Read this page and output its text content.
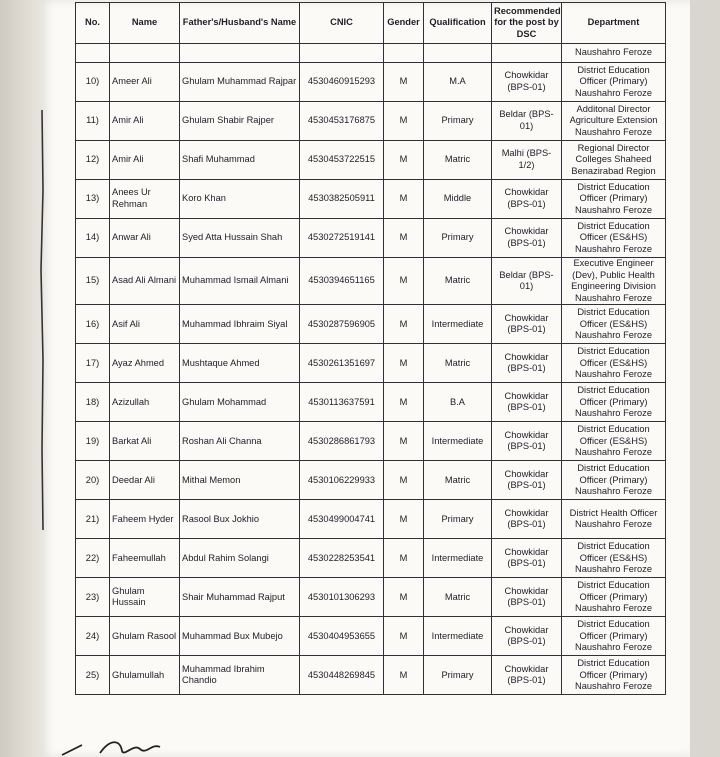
No.	Name	Father's/Husband's Name	CNIC	Gender	Qualification	Recommended for the post by DSC	Department
							Naushahro Feroze
10)	Ameer Ali	Ghulam Muhammad Rajpar	4530460915293	M	M.A	Chowkidar (BPS-01)	District Education Officer (Primary) Naushahro Feroze
11)	Amir Ali	Ghulam Shabir Rajper	4530453176875	M	Primary	Beldar (BPS-01)	Additonal Director Agriculture Extension Naushahro Feroze
12)	Amir Ali	Shafi Muhammad	4530453722515	M	Matric	Malhi (BPS-1/2)	Regional Director Colleges Shaheed Benazirabad Region
13)	Anees Ur Rehman	Koro Khan	4530382505911	M	Middle	Chowkidar (BPS-01)	District Education Officer (Primary) Naushahro Feroze
14)	Anwar Ali	Syed Atta Hussain Shah	4530272519141	M	Primary	Chowkidar (BPS-01)	District Education Officer (ES&HS) Naushahro Feroze
15)	Asad Ali Almani	Muhammad Ismail Almani	4530394651165	M	Matric	Beldar (BPS-01)	Executive Engineer (Dev), Public Health Engineering Division Naushahro Feroze
16)	Asif Ali	Muhammad Ibhraim Siyal	4530287596905	M	Intermediate	Chowkidar (BPS-01)	District Education Officer (ES&HS) Naushahro Feroze
17)	Ayaz Ahmed	Mushtaque Ahmed	4530261351697	M	Matric	Chowkidar (BPS-01)	District Education Officer (ES&HS) Naushahro Feroze
18)	Azizullah	Ghulam Mohammad	4530113637591	M	B.A	Chowkidar (BPS-01)	District Education Officer (Primary) Naushahro Feroze
19)	Barkat Ali	Roshan Ali Channa	4530286861793	M	Intermediate	Chowkidar (BPS-01)	District Education Officer (ES&HS) Naushahro Feroze
20)	Deedar Ali	Mithal Memon	4530106229933	M	Matric	Chowkidar (BPS-01)	District Education Officer (Primary) Naushahro Feroze
21)	Faheem Hyder	Rasool Bux Jokhio	4530499004741	M	Primary	Chowkidar (BPS-01)	District Health Officer Naushahro Feroze
22)	Faheemullah	Abdul Rahim Solangi	4530228253541	M	Intermediate	Chowkidar (BPS-01)	District Education Officer (ES&HS) Naushahro Feroze
23)	Ghulam Hussain	Shair Muhammad Rajput	4530101306293	M	Matric	Chowkidar (BPS-01)	District Education Officer (Primary) Naushahro Feroze
24)	Ghulam Rasool	Muhammad Bux Mubejo	4530404953655	M	Intermediate	Chowkidar (BPS-01)	District Education Officer (Primary) Naushahro Feroze
25)	Ghulamullah	Muhammad Ibrahim Chandio	4530448269845	M	Primary	Chowkidar (BPS-01)	District Education Officer (Primary) Naushahro Feroze
